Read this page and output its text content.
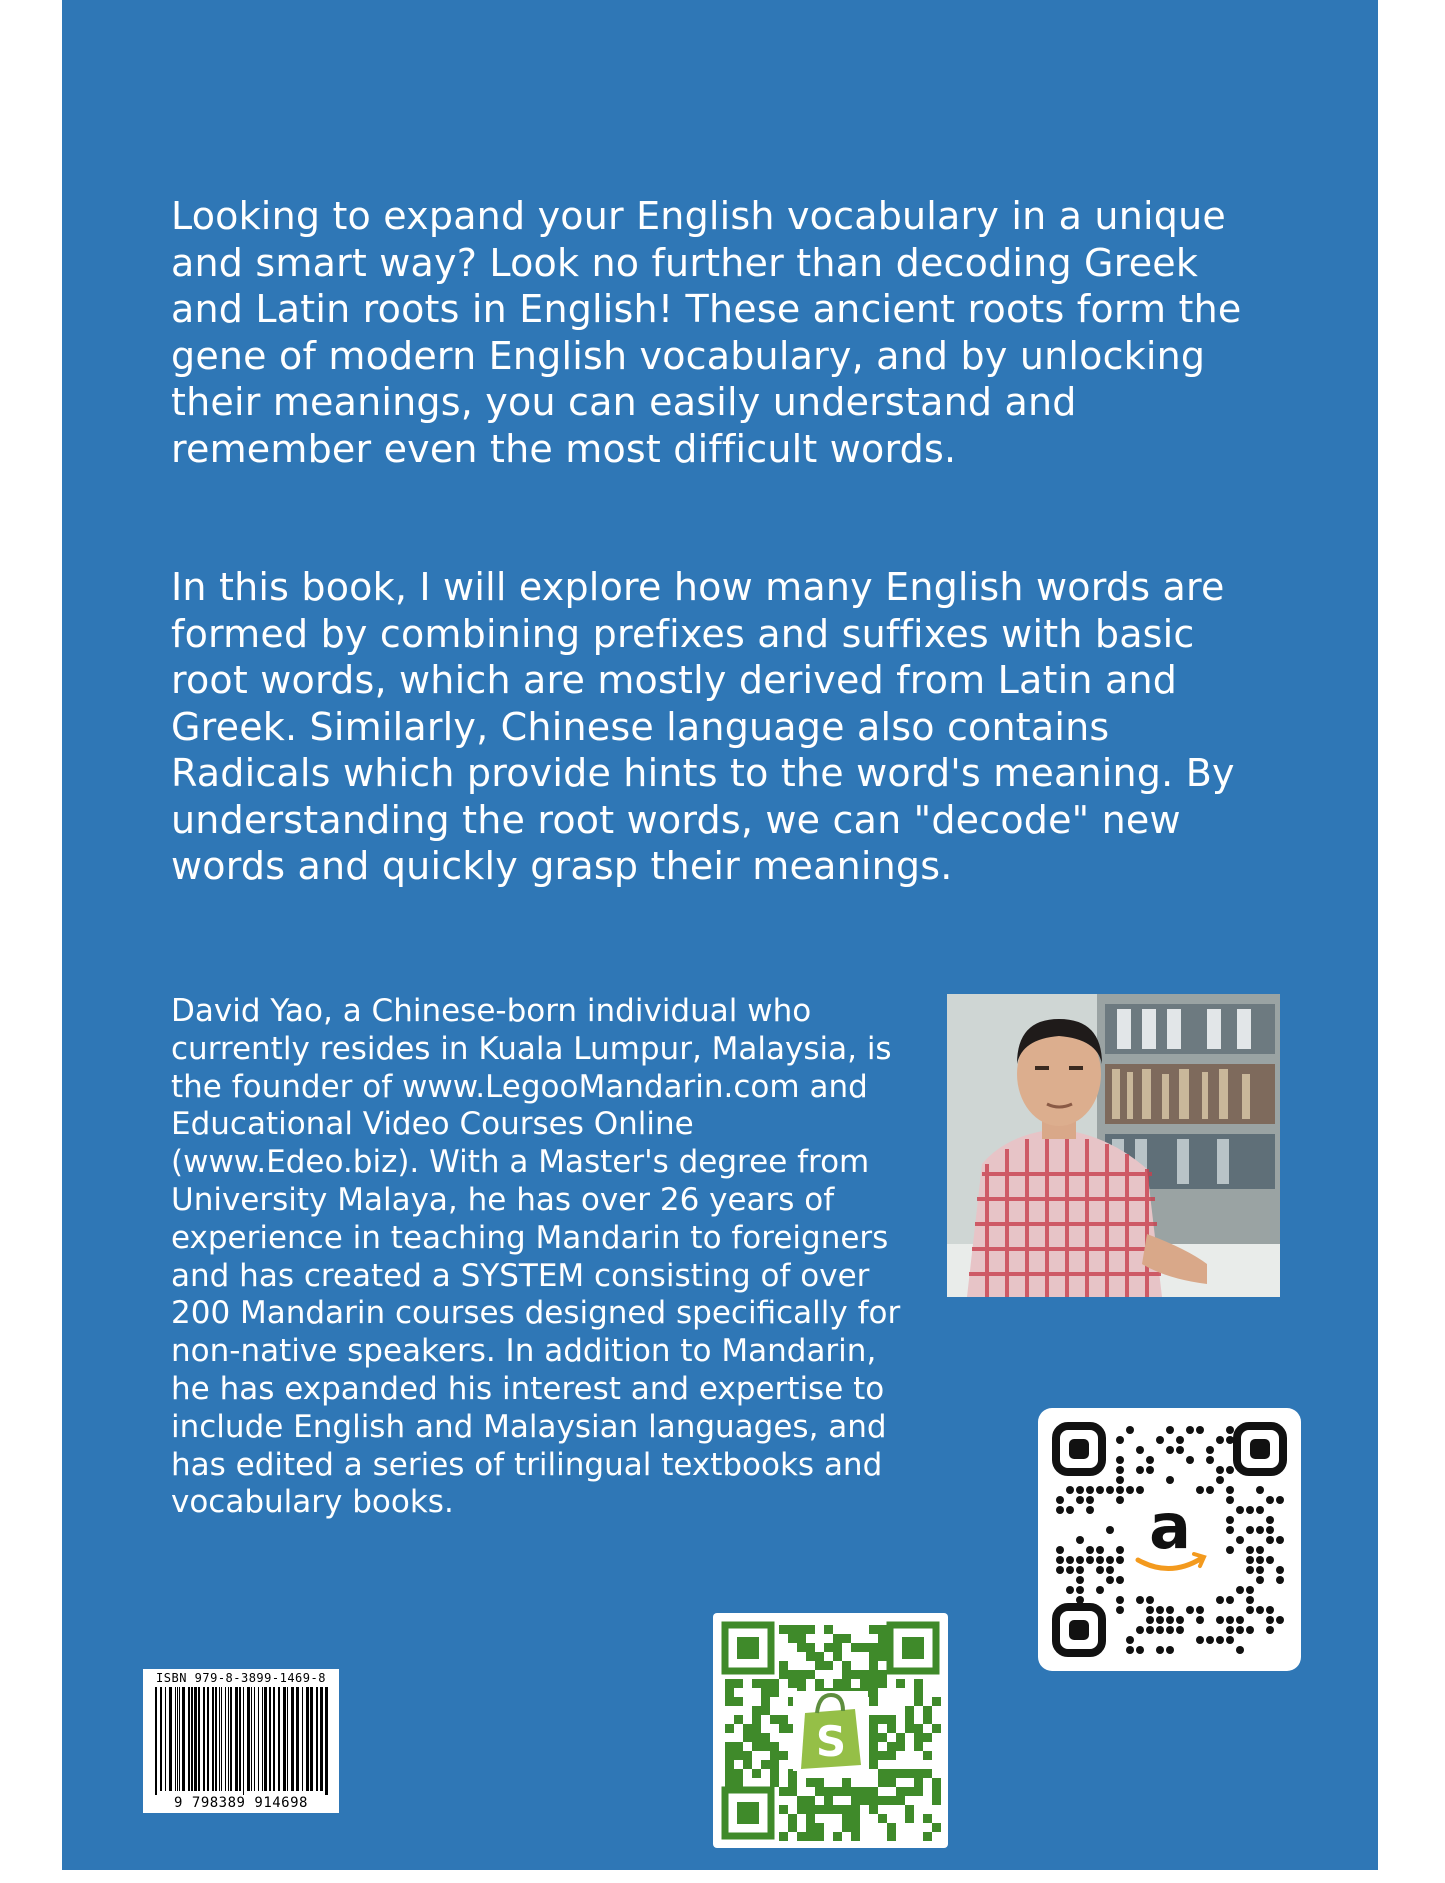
Looking to expand your English vocabulary in a unique and smart way? Look no further than decoding Greek and Latin roots in English! These ancient roots form the gene of modern English vocabulary, and by unlocking their meanings, you can easily understand and remember even the most difficult words.

In this book, I will explore how many English words are formed by combining prefixes and suffixes with basic root words, which are mostly derived from Latin and Greek. Similarly, Chinese language also contains Radicals which provide hints to the word's meaning. By understanding the root words, we can "decode" new words and quickly grasp their meanings.

David Yao, a Chinese-born individual who currently resides in Kuala Lumpur, Malaysia, is the founder of www.LegooMandarin.com and Educational Video Courses Online (www.Edeo.biz). With a Master's degree from University Malaya, he has over 26 years of experience in teaching Mandarin to foreigners and has created a SYSTEM consisting of over 200 Mandarin courses designed specifically for non-native speakers. In addition to Mandarin, he has expanded his interest and expertise to include English and Malaysian languages, and has edited a series of trilingual textbooks and vocabulary books.	a
S
ISBN 979-8-3899-1469-8
9 798389 914698
